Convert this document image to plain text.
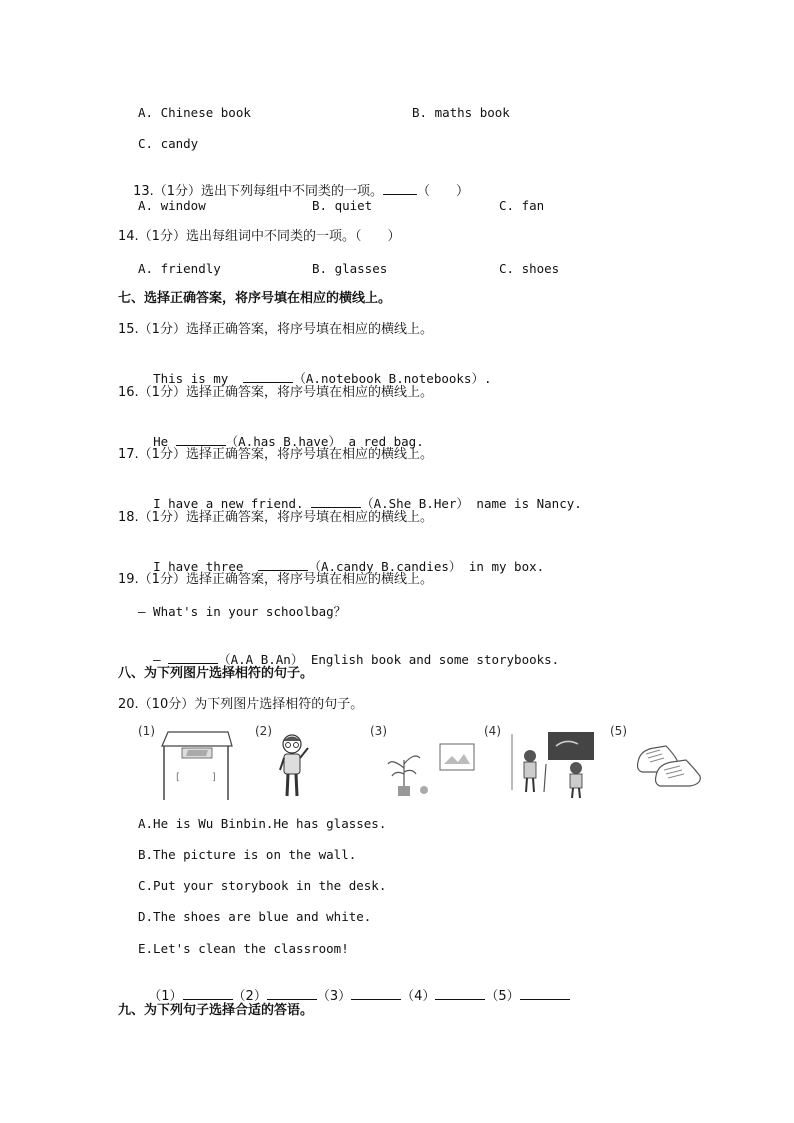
A. Chinese book	B. maths book
C. candy

13.（1分）选出下列每组中不同类的一项。	（　　）

A. window	B. quiet	C. fan
14.（1分）选出每组词中不同类的一项。（　　）
A. friendly	B. glasses	C. shoes
七、选择正确答案，将序号填在相应的横线上。
15.（1分）选择正确答案，将序号填在相应的横线上。

This is my	（A.notebook B.notebooks）.

16.（1分）选择正确答案，将序号填在相应的横线上。

He	（A.has B.have） a red bag.

17.（1分）选择正确答案，将序号填在相应的横线上。

I have a new friend.	（A.She B.Her） name is Nancy.

18.（1分）选择正确答案，将序号填在相应的横线上。

I have three	（A.candy B.candies） in my box.

19.（1分）选择正确答案，将序号填在相应的横线上。
— What's in your schoolbag？

—	（A.A B.An） English book and some storybooks.

八、为下列图片选择相符的句子。
20.（10分）为下列图片选择相符的句子。
(1)	(2)	(3)	(4)	(5)
[	]
A.He is Wu Binbin.He has glasses.
B.The picture is on the wall.
C.Put your storybook in the desk.
D.The shoes are blue and white.
E.Let's clean the classroom!

（1）	（2）	（3）	（4）	（5）

九、为下列句子选择合适的答语。
